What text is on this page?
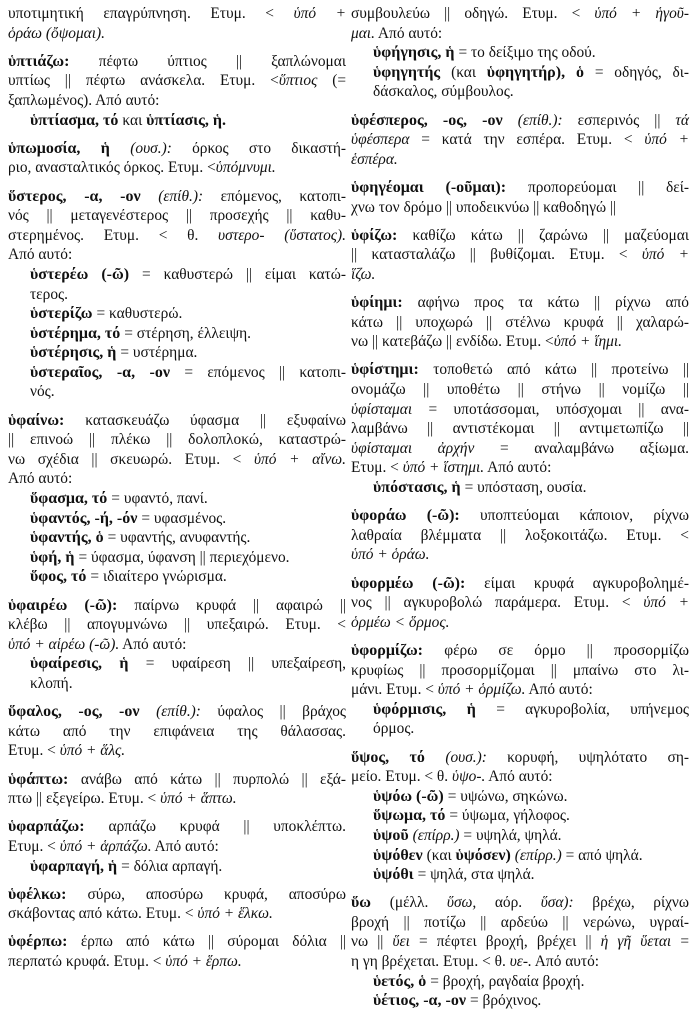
υποτιμητική επαγρύπνηση. Ετυμ. < ὑπό +
ὁράω (ὄψομαι).
ὑπτιάζω: πέφτω ύπτιος || ξαπλώνομαι
υπτίως || πέφτω ανάσκελα. Ετυμ. <ὕπτιος (=
ξαπλωμένος). Από αυτό:
ὑπτίασμα, τό και ὑπτίασις, ἡ.
ὑπωμοσία, ἡ (ουσ.): όρκος στο δικαστή-
ριο, ανασταλτικός όρκος. Ετυμ. <ὑπόμνυμι.
ὕστερος, -α, -ον (επίθ.): επόμενος, κατοπι-
νός || μεταγενέστερος || προσεχής || καθυ-
στερημένος. Ετυμ. < θ. υστερο- (ὕστατος).
Από αυτό:
ὑστερέω (-ῶ) = καθυστερώ || είμαι κατώ-
τερος.
ὑστερίζω = καθυστερώ.
ὑστέρημα, τό = στέρηση, έλλειψη.
ὑστέρησις, ἡ = υστέρημα.
ὑστεραῖος, -α, -ον = επόμενος || κατοπι-
νός.
ὑφαίνω: κατασκευάζω ύφασμα || εξυφαίνω
|| επινοώ || πλέκω || δολοπλοκώ, καταστρώ-
νω σχέδια || σκευωρώ. Ετυμ. < ὑπό + αἴνω.
Από αυτό:
ὕφασμα, τό = υφαντό, πανί.
ὑφαντός, -ή, -όν = υφασμένος.
ὑφαντής, ὁ = υφαντής, ανυφαντής.
ὑφή, ἡ = ύφασμα, ύφανση || περιεχόμενο.
ὕφος, τό = ιδιαίτερο γνώρισμα.
ὑφαιρέω (-ῶ): παίρνω κρυφά || αφαιρώ ||
κλέβω || απογυμνώνω || υπεξαιρώ. Ετυμ. <
ὑπό + αἱρέω (-ῶ). Από αυτό:
ὑφαίρεσις, ἡ = υφαίρεση || υπεξαίρεση,
κλοπή.
ὕφαλος, -ος, -ον (επίθ.): ύφαλος || βράχος
κάτω από την επιφάνεια της θάλασσας.
Ετυμ. < ὑπό + ἅλς.
ὑφάπτω: ανάβω από κάτω || πυρπολώ || εξά-
πτω || εξεγείρω. Ετυμ. < ὑπό + ἅπτω.
ὑφαρπάζω: αρπάζω κρυφά || υποκλέπτω.
Ετυμ. < ὑπό + ἁρπάζω. Από αυτό:
ὑφαρπαγή, ἡ = δόλια αρπαγή.
ὑφέλκω: σύρω, αποσύρω κρυφά, αποσύρω
σκάβοντας από κάτω. Ετυμ. < ὑπό + ἕλκω.
ὑφέρπω: έρπω από κάτω || σύρομαι δόλια ||
περπατώ κρυφά. Ετυμ. < ὑπό + ἕρπω.
συμβουλεύω || οδηγώ. Ετυμ. < ὑπό + ἡγοῦ-
μαι. Από αυτό:
ὑφήγησις, ἡ = το δείξιμο της οδού.
ὑφηγητής (και ὑφηγητήρ), ὁ = οδηγός, δι-
δάσκαλος, σύμβουλος.
ὑφέσπερος, -ος, -ον (επίθ.): εσπερινός || τά
ὑφέσπερα = κατά την εσπέρα. Ετυμ. < ὑπό +
ἑσπέρα.
ὑφηγέομαι (-οῦμαι): προπορεύομαι || δεί-
χνω τον δρόμο || υποδεικνύω || καθοδηγώ ||
ὑφίζω: καθίζω κάτω || ζαρώνω || μαζεύομαι
|| κατασταλάζω || βυθίζομαι. Ετυμ. < ὑπό +
ἵζω.
ὑφίημι: αφήνω προς τα κάτω || ρίχνω από
κάτω || υποχωρώ || στέλνω κρυφά || χαλαρώ-
νω || κατεβάζω || ενδίδω. Ετυμ. <ὑπό + ἵημι.
ὑφίστημι: τοποθετώ από κάτω || προτείνω ||
ονομάζω || υποθέτω || στήνω || νομίζω ||
ὑφίσταμαι = υποτάσσομαι, υπόσχομαι || ανα-
λαμβάνω || αντιστέκομαι || αντιμετωπίζω ||
ὑφίσταμαι ἀρχήν = αναλαμβάνω αξίωμα.
Ετυμ. < ὑπό + ἵστημι. Από αυτό:
ὑπόστασις, ἡ = υπόσταση, ουσία.
ὑφοράω (-ῶ): υποπτεύομαι κάποιον, ρίχνω
λαθραία βλέμματα || λοξοκοιτάζω. Ετυμ. <
ὑπό + ὁράω.
ὑφορμέω (-ῶ): είμαι κρυφά αγκυροβολημέ-
νος || αγκυροβολώ παράμερα. Ετυμ. < ὑπό +
ὁρμέω < ὅρμος.
ὑφορμίζω: φέρω σε όρμο || προσορμίζω
κρυφίως || προσορμίζομαι || μπαίνω στο λι-
μάνι. Ετυμ. < ὑπό + ὁρμίζω. Από αυτό:
ὑφόρμισις, ἡ = αγκυροβολία, υπήνεμος
όρμος.
ὕψος, τό (ουσ.): κορυφή, υψηλότατο ση-
μείο. Ετυμ. < θ. ὑψο-. Από αυτό:
ὑψόω (-ῶ) = υψώνω, σηκώνω.
ὕψωμα, τό = ύψωμα, γήλοφος.
ὑψοῦ (επίρρ.) = υψηλά, ψηλά.
ὑψόθεν (και ὑψόσεν) (επίρρ.) = από ψηλά.
ὑψόθι = ψηλά, στα ψηλά.
ὕω (μέλλ. ὕσω, αόρ. ὕσα): βρέχω, ρίχνω
βροχή || ποτίζω || αρδεύω || νερώνω, υγραί-
νω || ὕει = πέφτει βροχή, βρέχει || ἡ γῆ ὕεται =
η γη βρέχεται. Ετυμ. < θ. υε-. Από αυτό:
ὑετός, ὁ = βροχή, ραγδαία βροχή.
ὑέτιος, -α, -ον = βρόχινος.
